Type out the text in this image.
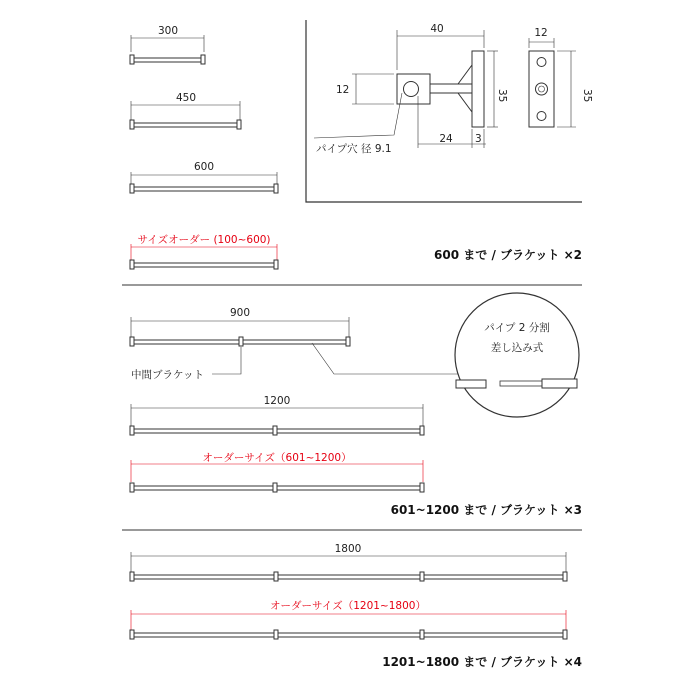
300
450
600
サイズオーダー (100~600)
600 まで / ブラケット ×2
40
12	35
24 3
パイプ穴 径 9.1
12
35
900
中間ブラケット
パイプ 2 分割
差し込み式
1200
オーダーサイズ（601~1200）
601~1200 まで / ブラケット ×3
1800
オーダーサイズ（1201~1800）
1201~1800 まで / ブラケット ×4
